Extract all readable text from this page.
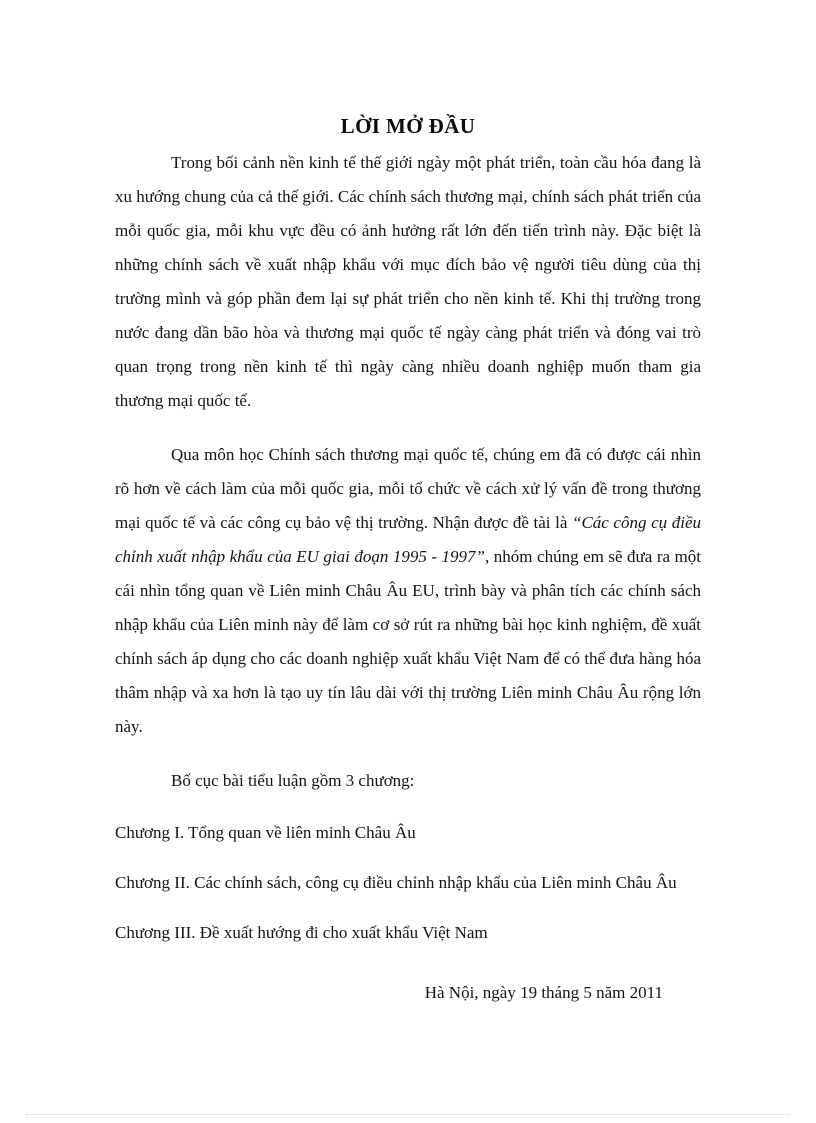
LỜI MỞ ĐẦU

Trong bối cảnh nền kinh tế thế giới ngày một phát triển, toàn cầu hóa đang là xu hướng chung của cả thế giới. Các chính sách thương mại, chính sách phát triển của mỗi quốc gia, mỗi khu vực đều có ảnh hưởng rất lớn đến tiến trình này. Đặc biệt là những chính sách về xuất nhập khẩu với mục đích bảo vệ người tiêu dùng của thị trường mình và góp phần đem lại sự phát triển cho nền kinh tế. Khi thị trường trong nước đang dần bão hòa và thương mại quốc tế ngày càng phát triển và đóng vai trò quan trọng trong nền kinh tế thì ngày càng nhiều doanh nghiệp muốn tham gia thương mại quốc tế.

Qua môn học Chính sách thương mại quốc tế, chúng em đã có được cái nhìn rõ hơn về cách làm của mỗi quốc gia, mỗi tổ chức về cách xử lý vấn đề trong thương mại quốc tế và các công cụ bảo vệ thị trường. Nhận được đề tài là “Các công cụ điều chỉnh xuất nhập khẩu của EU giai đoạn 1995 - 1997”, nhóm chúng em sẽ đưa ra một cái nhìn tổng quan về Liên minh Châu Âu EU, trình bày và phân tích các chính sách nhập khẩu của Liên minh này để làm cơ sở rút ra những bài học kinh nghiệm, đề xuất chính sách áp dụng cho các doanh nghiệp xuất khẩu Việt Nam để có thể đưa hàng hóa thâm nhập và xa hơn là tạo uy tín lâu dài với thị trường Liên minh Châu Âu rộng lớn này.

Bố cục bài tiểu luận gồm 3 chương:

Chương I. Tổng quan về liên minh Châu Âu
Chương II. Các chính sách, công cụ điều chỉnh nhập khẩu của Liên minh Châu Âu
Chương III. Đề xuất hướng đi cho xuất khẩu Việt Nam
Hà Nội, ngày 19 tháng 5 năm 2011
